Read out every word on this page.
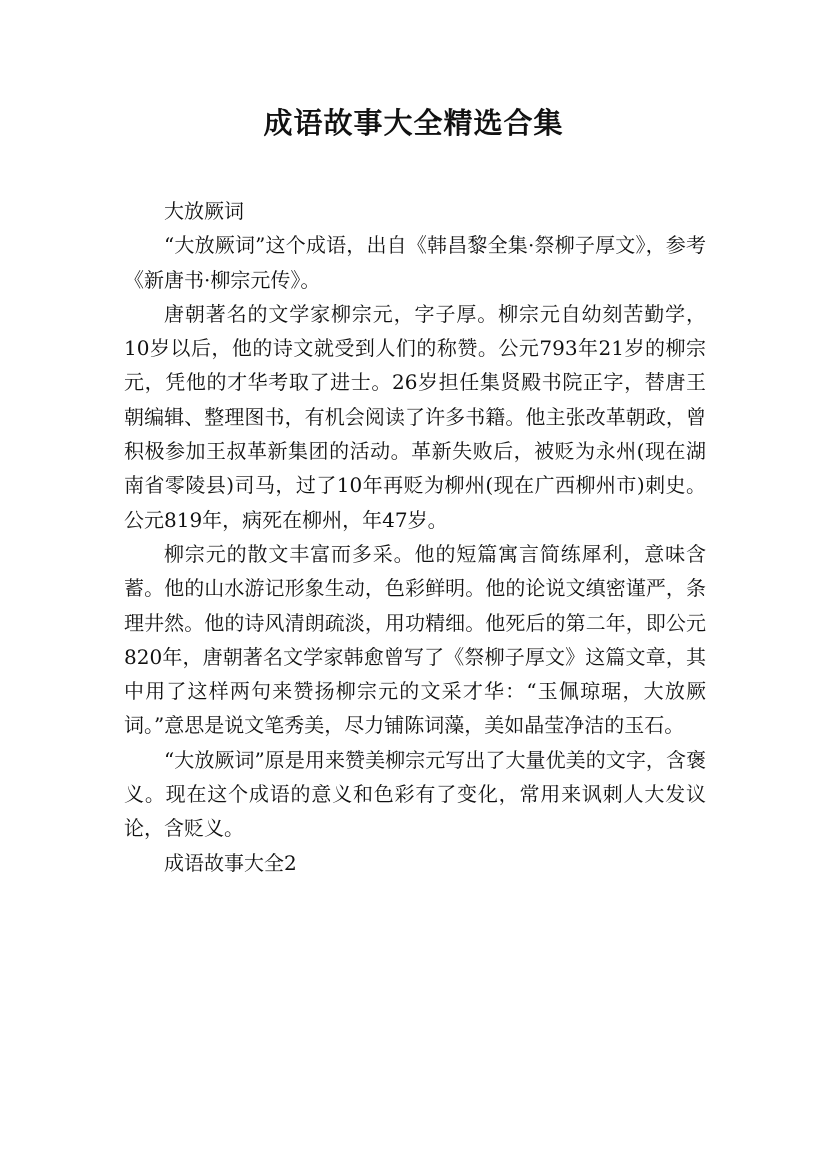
成语故事大全精选合集

大放厥词

“大放厥词”这个成语，出自《韩昌黎全集·祭柳子厚文》，参考《新唐书·柳宗元传》。

唐朝著名的文学家柳宗元，字子厚。柳宗元自幼刻苦勤学，10岁以后，他的诗文就受到人们的称赞。公元793年21岁的柳宗元，凭他的才华考取了进士。26岁担任集贤殿书院正字，替唐王朝编辑、整理图书，有机会阅读了许多书籍。他主张改革朝政，曾积极参加王叔革新集团的活动。革新失败后，被贬为永州(现在湖南省零陵县)司马，过了10年再贬为柳州(现在广西柳州市)刺史。公元819年，病死在柳州，年47岁。

柳宗元的散文丰富而多采。他的短篇寓言简练犀利，意味含蓄。他的山水游记形象生动，色彩鲜明。他的论说文缜密谨严，条理井然。他的诗风清朗疏淡，用功精细。他死后的第二年，即公元820年，唐朝著名文学家韩愈曾写了《祭柳子厚文》这篇文章，其中用了这样两句来赞扬柳宗元的文采才华：“玉佩琼琚，大放厥词。”意思是说文笔秀美，尽力铺陈词藻，美如晶莹净洁的玉石。

“大放厥词”原是用来赞美柳宗元写出了大量优美的文字，含褒义。现在这个成语的意义和色彩有了变化，常用来讽刺人大发议论，含贬义。

成语故事大全2
